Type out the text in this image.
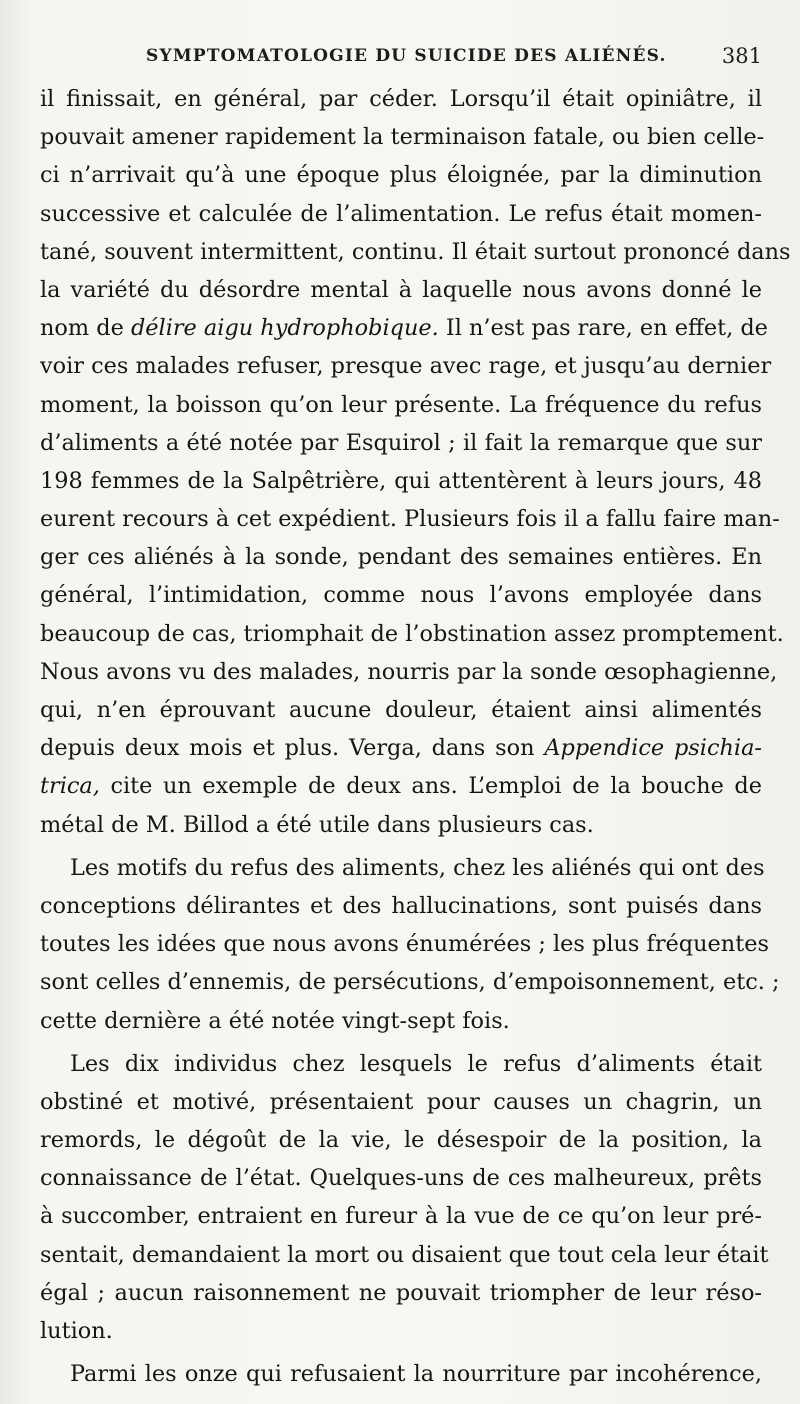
SYMPTOMATOLOGIE DU SUICIDE DES ALIÉNÉS.	381
il finissait, en général, par céder. Lorsqu’il était opiniâtre, il
pouvait amener rapidement la terminaison fatale, ou bien celle-
ci n’arrivait qu’à une époque plus éloignée, par la diminution
successive et calculée de l’alimentation. Le refus était momen-
tané, souvent intermittent, continu. Il était surtout prononcé dans
la variété du désordre mental à laquelle nous avons donné le
nom de délire aigu hydrophobique. Il n’est pas rare, en effet, de
voir ces malades refuser, presque avec rage, et jusqu’au dernier
moment, la boisson qu’on leur présente. La fréquence du refus
d’aliments a été notée par Esquirol ; il fait la remarque que sur
198 femmes de la Salpêtrière, qui attentèrent à leurs jours, 48
eurent recours à cet expédient. Plusieurs fois il a fallu faire man-
ger ces aliénés à la sonde, pendant des semaines entières. En
général, l’intimidation, comme nous l’avons employée dans
beaucoup de cas, triomphait de l’obstination assez promptement.
Nous avons vu des malades, nourris par la sonde œsophagienne,
qui, n’en éprouvant aucune douleur, étaient ainsi alimentés
depuis deux mois et plus. Verga, dans son Appendice psichia-
trica, cite un exemple de deux ans. L’emploi de la bouche de
métal de M. Billod a été utile dans plusieurs cas.
Les motifs du refus des aliments, chez les aliénés qui ont des
conceptions délirantes et des hallucinations, sont puisés dans
toutes les idées que nous avons énumérées ; les plus fréquentes
sont celles d’ennemis, de persécutions, d’empoisonnement, etc. ;
cette dernière a été notée vingt-sept fois.
Les dix individus chez lesquels le refus d’aliments était
obstiné et motivé, présentaient pour causes un chagrin, un
remords, le dégoût de la vie, le désespoir de la position, la
connaissance de l’état. Quelques-uns de ces malheureux, prêts
à succomber, entraient en fureur à la vue de ce qu’on leur pré-
sentait, demandaient la mort ou disaient que tout cela leur était
égal ; aucun raisonnement ne pouvait triompher de leur réso-
lution.
Parmi les onze qui refusaient la nourriture par incohérence,
